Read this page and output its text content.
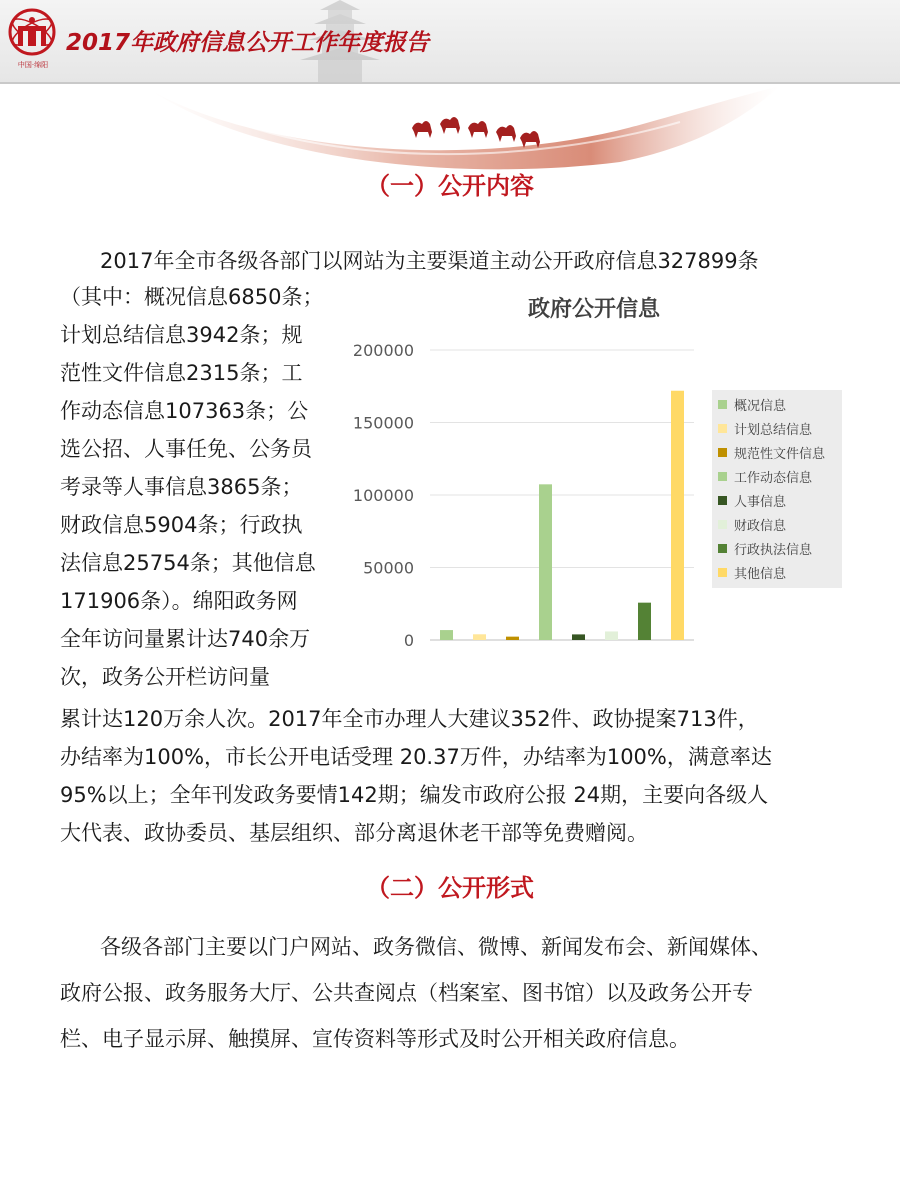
中国·绵阳
2017年政府信息公开工作年度报告
（一）公开内容
2017年全市各级各部门以网站为主要渠道主动公开政府信息327899条
（其中：概况信息6850条；
计划总结信息3942条；规
范性文件信息2315条；工
作动态信息107363条；公
选公招、人事任免、公务员
考录等人事信息3865条；
财政信息5904条；行政执
法信息25754条；其他信息
171906条）。绵阳政务网
全年访问量累计达740余万
次，政务公开栏访问量
政府公开信息
200000
150000
100000
50000
0
概况信息
计划总结信息
规范性文件信息
工作动态信息
人事信息
财政信息
行政执法信息
其他信息
累计达120万余人次。2017年全市办理人大建议352件、政协提案713件，
办结率为100%，市长公开电话受理 20.37万件，办结率为100%，满意率达
95%以上；全年刊发政务要情142期；编发市政府公报 24期，主要向各级人
大代表、政协委员、基层组织、部分离退休老干部等免费赠阅。
（二）公开形式
各级各部门主要以门户网站、政务微信、微博、新闻发布会、新闻媒体、
政府公报、政务服务大厅、公共查阅点（档案室、图书馆）以及政务公开专
栏、电子显示屏、触摸屏、宣传资料等形式及时公开相关政府信息。
